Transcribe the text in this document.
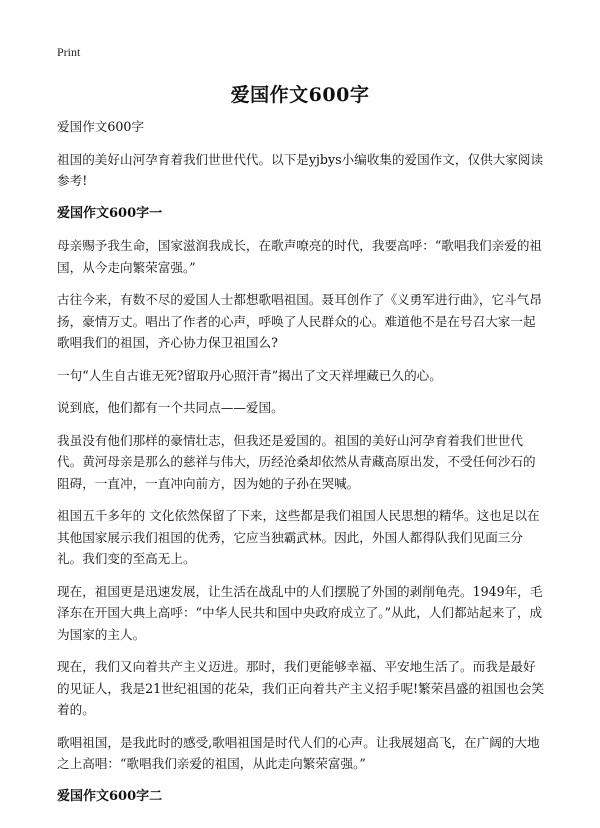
Print
爱国作文600字

爱国作文600字

祖国的美好山河孕育着我们世世代代。以下是yjbys小编收集的爱国作文，仅供大家阅读参考!

爱国作文600字一

母亲赐予我生命，国家滋润我成长，在歌声嘹亮的时代，我要高呼：“歌唱我们亲爱的祖国，从今走向繁荣富强。”

古往今来，有数不尽的爱国人士都想歌唱祖国。聂耳创作了《义勇军进行曲》，它斗气昂扬，豪情万丈。唱出了作者的心声，呼唤了人民群众的心。难道他不是在号召大家一起歌唱我们的祖国，齐心协力保卫祖国么?

一句“人生自古谁无死?留取丹心照汗青”揭出了文天祥埋藏已久的心。

说到底，他们都有一个共同点——爱国。

我虽没有他们那样的豪情壮志，但我还是爱国的。祖国的美好山河孕育着我们世世代代。黄河母亲是那么的慈祥与伟大，历经沧桑却依然从青藏高原出发，不受任何沙石的阻碍，一直冲，一直冲向前方，因为她的子孙在哭喊。

祖国五千多年的 文化依然保留了下来，这些都是我们祖国人民思想的精华。这也足以在其他国家展示我们祖国的优秀，它应当独霸武林。因此，外国人都得队我们见面三分礼。我们变的至高无上。

现在，祖国更是迅速发展，让生活在战乱中的人们摆脱了外国的剥削龟壳。1949年，毛泽东在开国大典上高呼：“中华人民共和国中央政府成立了。”从此，人们都站起来了，成为国家的主人。

现在，我们又向着共产主义迈进。那时，我们更能够幸福、平安地生活了。而我是最好的见证人，我是21世纪祖国的花朵，我们正向着共产主义招手呢!繁荣昌盛的祖国也会笑着的。

歌唱祖国，是我此时的感受,歌唱祖国是时代人们的心声。让我展翅高飞，在广阔的大地之上高唱：“歌唱我们亲爱的祖国，从此走向繁荣富强。”

爱国作文600字二
